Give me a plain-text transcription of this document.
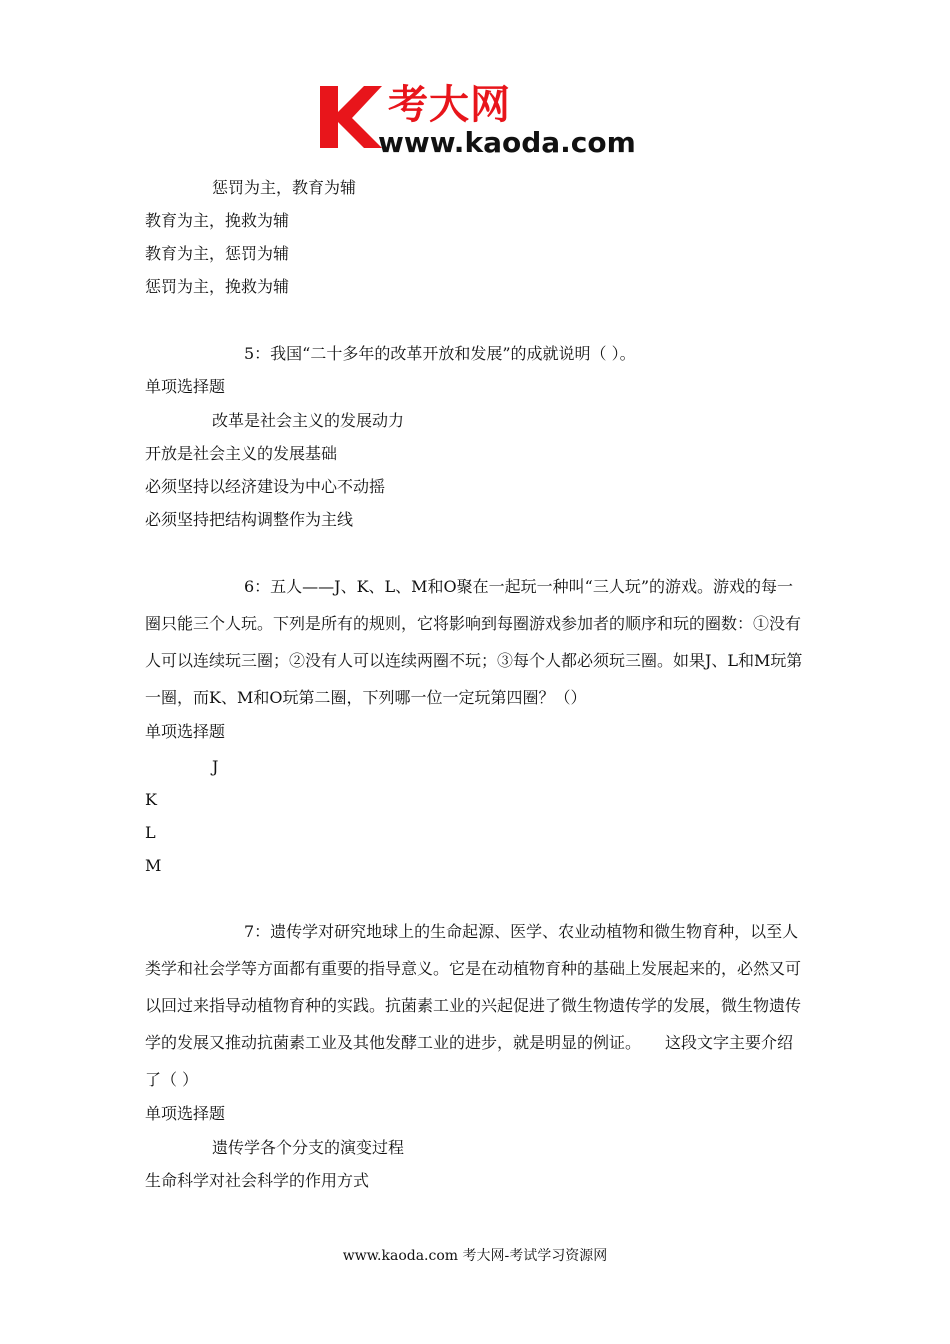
考大网
www.kaoda.com
惩罚为主，教育为辅
教育为主，挽救为辅
教育为主，惩罚为辅
惩罚为主，挽救为辅
5：我国“二十多年的改革开放和发展”的成就说明（ ）。
单项选择题
改革是社会主义的发展动力
开放是社会主义的发展基础
必须坚持以经济建设为中心不动摇
必须坚持把结构调整作为主线
6：五人——J、K、L、M和O聚在一起玩一种叫“三人玩”的游戏。游戏的每一圈只能三个人玩。下列是所有的规则，它将影响到每圈游戏参加者的顺序和玩的圈数：①没有人可以连续玩三圈；②没有人可以连续两圈不玩；③每个人都必须玩三圈。如果J、L和M玩第一圈，而K、M和O玩第二圈，下列哪一位一定玩第四圈？（）
单项选择题
J
K
L
M
7：遗传学对研究地球上的生命起源、医学、农业动植物和微生物育种，以至人类学和社会学等方面都有重要的指导意义。它是在动植物育种的基础上发展起来的，必然又可以回过来指导动植物育种的实践。抗菌素工业的兴起促进了微生物遗传学的发展，微生物遗传学的发展又推动抗菌素工业及其他发酵工业的进步，就是明显的例证。　　这段文字主要介绍了（ ）
单项选择题
遗传学各个分支的演变过程
生命科学对社会科学的作用方式
www.kaoda.com 考大网-考试学习资源网
